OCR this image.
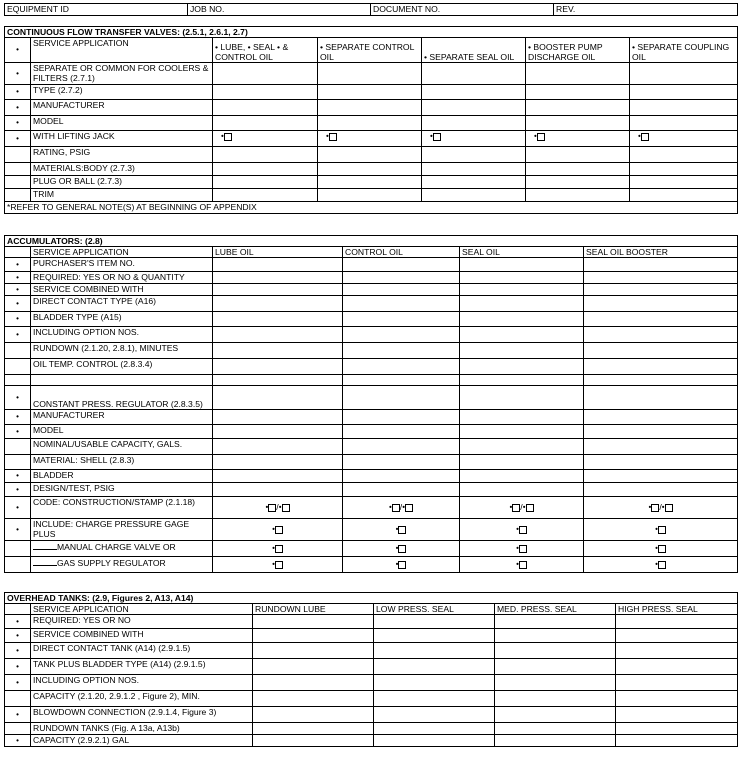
EQUIPMENT ID	JOB NO.	DOCUMENT NO.	REV.
CONTINUOUS FLOW TRANSFER VALVES: (2.5.1, 2.6.1, 2.7)						
•	SERVICE APPLICATION	• LUBE, • SEAL • & CONTROL OIL	• SEPARATE CONTROL OIL	• SEPARATE SEAL OIL	• BOOSTER PUMP DISCHARGE OIL	• SEPARATE COUPLING OIL
•	SEPARATE OR COMMON FOR COOLERS & FILTERS (2.7.1)					
•	TYPE (2.7.2)					
•	MANUFACTURER					
•	MODEL					
•	WITH LIFTING JACK	•	•	•	•	•
	RATING, PSIG					
	MATERIALS:BODY (2.7.3)					
	PLUG OR BALL (2.7.3)					
	TRIM					
*REFER TO GENERAL NOTE(S) AT BEGINNING OF APPENDIX						
ACCUMULATORS: (2.8)					
	SERVICE APPLICATION	LUBE OIL	CONTROL OIL	SEAL OIL	SEAL OIL BOOSTER
•	PURCHASER'S ITEM NO.				
•	REQUIRED: YES OR NO & QUANTITY				
•	SERVICE COMBINED WITH				
•	DIRECT CONTACT TYPE (A16)				
•	BLADDER TYPE (A15)				
•	INCLUDING OPTION NOS.				
	RUNDOWN (2.1.20, 2.8.1), MINUTES				
	OIL TEMP. CONTROL (2.8.3.4)				

•	CONSTANT PRESS. REGULATOR (2.8.3.5)				
•	MANUFACTURER				
•	MODEL				
	NOMINAL/USABLE CAPACITY, GALS.				
	MATERIAL: SHELL (2.8.3)				
•	BLADDER				
•	DESIGN/TEST, PSIG				
•	CODE: CONSTRUCTION/STAMP (2.1.18)	• /•	• /•	• /•	• /•
•	INCLUDE: CHARGE PRESSURE GAGE PLUS	•	•	•	•
	MANUAL CHARGE VALVE OR	•	•	•	•
	GAS SUPPLY REGULATOR	•	•	•	•
OVERHEAD TANKS: (2.9, Figures 2, A13, A14)					
	SERVICE APPLICATION	RUNDOWN LUBE	LOW PRESS. SEAL	MED. PRESS. SEAL	HIGH PRESS. SEAL
•	REQUIRED: YES OR NO				
•	SERVICE COMBINED WITH				
•	DIRECT CONTACT TANK (A14) (2.9.1.5)				
•	TANK PLUS BLADDER TYPE (A14) (2.9.1.5)				
•	INCLUDING OPTION NOS.				
	CAPACITY (2.1.20, 2.9.1.2 , Figure 2), MIN.				
•	BLOWDOWN CONNECTION (2.9.1.4, Figure 3)				
	RUNDOWN TANKS (Fig. A 13a, A13b)				
•	CAPACITY (2.9.2.1) GAL				
